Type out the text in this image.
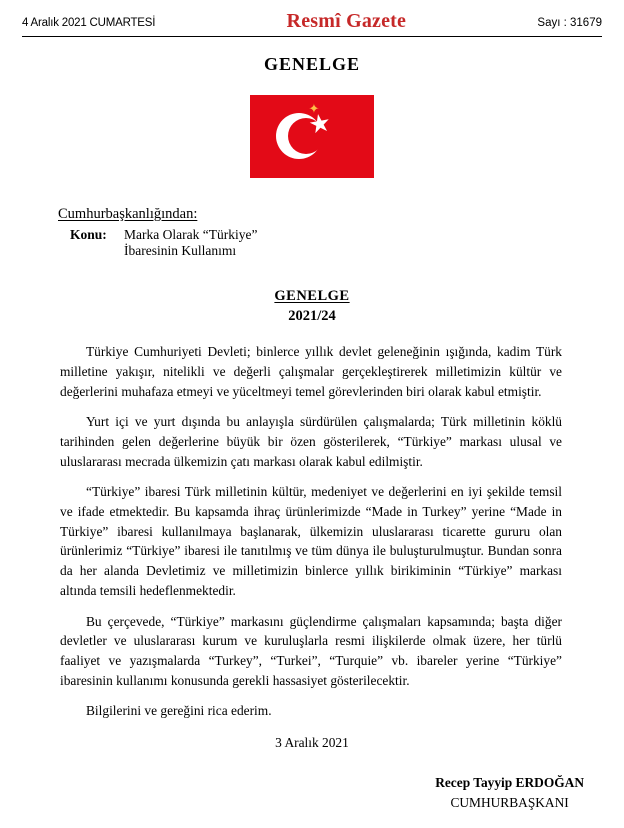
4 Aralık 2021 CUMARTESİ	Resmî Gazete	Sayı : 31679
GENELGE
✦
Cumhurbaşkanlığından:
Konu:	Marka Olarak “Türkiye”
İbaresinin Kullanımı
GENELGE
2021/24

Türkiye Cumhuriyeti Devleti; binlerce yıllık devlet geleneğinin ışığında, kadim Türk milletine yakışır, nitelikli ve değerli çalışmalar gerçekleştirerek milletimizin kültür ve değerlerini muhafaza etmeyi ve yüceltmeyi temel görevlerinden biri olarak kabul etmiştir.

Yurt içi ve yurt dışında bu anlayışla sürdürülen çalışmalarda; Türk milletinin köklü tarihinden gelen değerlerine büyük bir özen gösterilerek, “Türkiye” markası ulusal ve uluslararası mecrada ülkemizin çatı markası olarak kabul edilmiştir.

“Türkiye” ibaresi Türk milletinin kültür, medeniyet ve değerlerini en iyi şekilde temsil ve ifade etmektedir. Bu kapsamda ihraç ürünlerimizde “Made in Turkey” yerine “Made in Türkiye” ibaresi kullanılmaya başlanarak, ülkemizin uluslararası ticarette gururu olan ürünlerimiz “Türkiye” ibaresi ile tanıtılmış ve tüm dünya ile buluşturulmuştur. Bundan sonra da her alanda Devletimiz ve milletimizin binlerce yıllık birikiminin “Türkiye” markası altında temsili hedeflenmektedir.

Bu çerçevede, “Türkiye” markasını güçlendirme çalışmaları kapsamında; başta diğer devletler ve uluslararası kurum ve kuruluşlarla resmi ilişkilerde olmak üzere, her türlü faaliyet ve yazışmalarda “Turkey”, “Turkei”, “Turquie” vb. ibareler yerine “Türkiye” ibaresinin kullanımı konusunda gerekli hassasiyet gösterilecektir.

Bilgilerini ve gereğini rica ederim.

3 Aralık 2021
Recep Tayyip ERDOĞAN
CUMHURBAŞKANI
